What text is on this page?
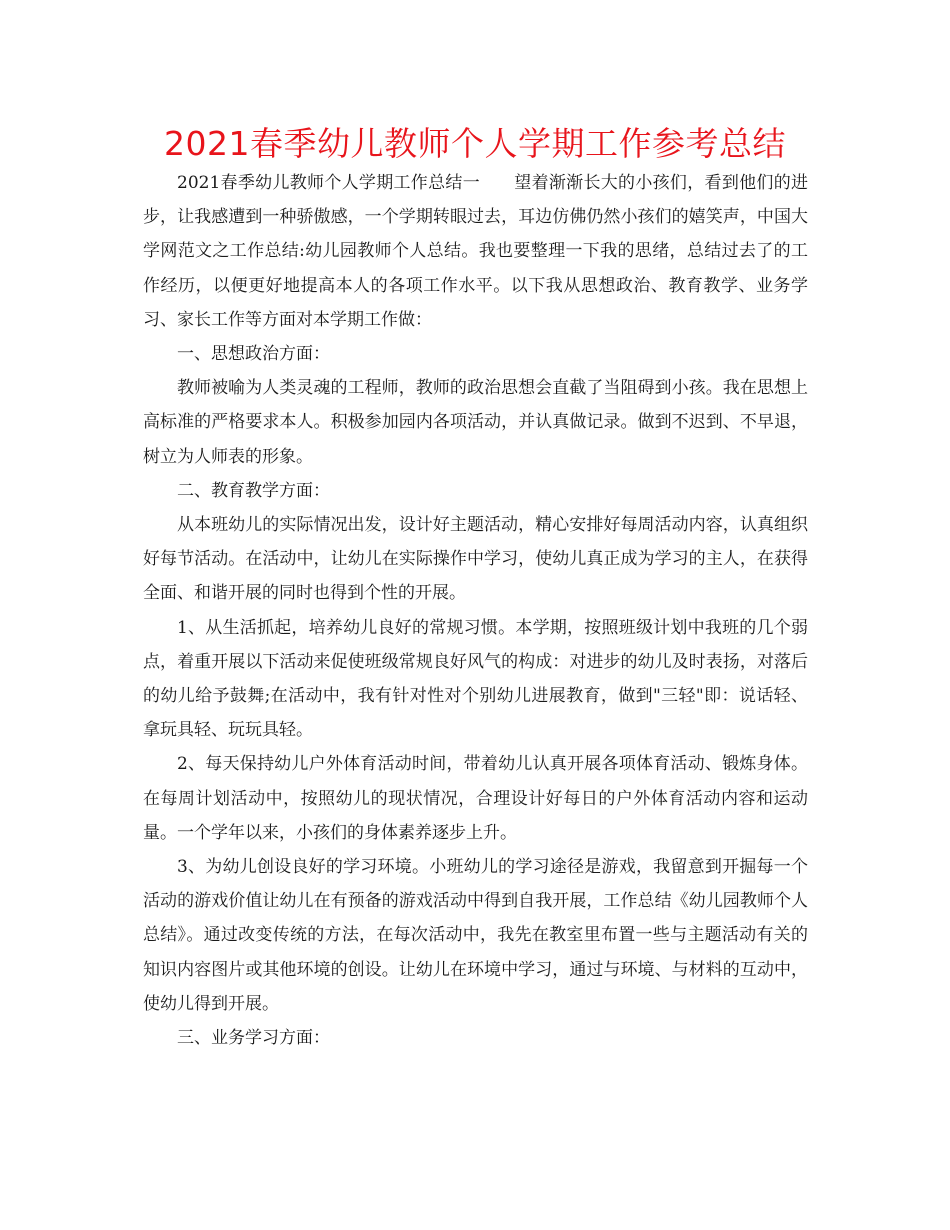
2021春季幼儿教师个人学期工作参考总结

2021春季幼儿教师个人学期工作总结一 望着渐渐长大的小孩们，看到他们的进步，让我感遭到一种骄傲感，一个学期转眼过去，耳边仿佛仍然小孩们的嬉笑声，中国大学网范文之工作总结:幼儿园教师个人总结。我也要整理一下我的思绪，总结过去了的工作经历，以便更好地提高本人的各项工作水平。以下我从思想政治、教育教学、业务学习、家长工作等方面对本学期工作做：

一、思想政治方面：

教师被喻为人类灵魂的工程师，教师的政治思想会直截了当阻碍到小孩。我在思想上高标准的严格要求本人。积极参加园内各项活动，并认真做记录。做到不迟到、不早退，树立为人师表的形象。

二、教育教学方面：

从本班幼儿的实际情况出发，设计好主题活动，精心安排好每周活动内容，认真组织好每节活动。在活动中，让幼儿在实际操作中学习，使幼儿真正成为学习的主人，在获得全面、和谐开展的同时也得到个性的开展。

1、从生活抓起，培养幼儿良好的常规习惯。本学期，按照班级计划中我班的几个弱点，着重开展以下活动来促使班级常规良好风气的构成：对进步的幼儿及时表扬，对落后的幼儿给予鼓舞;在活动中，我有针对性对个别幼儿进展教育，做到"三轻"即：说话轻、拿玩具轻、玩玩具轻。

2、每天保持幼儿户外体育活动时间，带着幼儿认真开展各项体育活动、锻炼身体。在每周计划活动中，按照幼儿的现状情况，合理设计好每日的户外体育活动内容和运动量。一个学年以来，小孩们的身体素养逐步上升。

3、为幼儿创设良好的学习环境。小班幼儿的学习途径是游戏，我留意到开掘每一个活动的游戏价值让幼儿在有预备的游戏活动中得到自我开展，工作总结《幼儿园教师个人总结》。通过改变传统的方法，在每次活动中，我先在教室里布置一些与主题活动有关的知识内容图片或其他环境的创设。让幼儿在环境中学习，通过与环境、与材料的互动中，使幼儿得到开展。

三、业务学习方面：
